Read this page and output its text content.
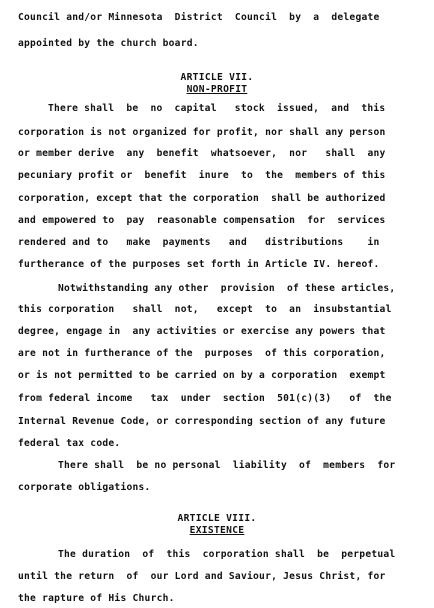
Council and/or Minnesota  District  Council  by  a  delegate
appointed by the church board.
ARTICLE VII.
NON-PROFIT
There shall  be  no  capital   stock  issued,  and  this
corporation is not organized for profit, nor shall any person
or member derive  any  benefit  whatsoever,  nor   shall  any
pecuniary profit or  benefit  inure  to  the  members of this
corporation, except that the corporation  shall be authorized
and empowered to  pay  reasonable compensation  for  services
rendered and to   make  payments   and   distributions    in
furtherance of the purposes set forth in Article IV. hereof.
Notwithstanding any other  provision  of these articles,
this corporation   shall  not,   except  to  an  insubstantial
degree, engage in  any activities or exercise any powers that
are not in furtherance of the  purposes  of this corporation,
or is not permitted to be carried on by a corporation  exempt
from federal income   tax  under  section  501(c)(3)   of  the
Internal Revenue Code, or corresponding section of any future
federal tax code.
There shall  be no personal  liability  of  members  for
corporate obligations.
ARTICLE VIII.
EXISTENCE
The duration  of  this  corporation shall  be  perpetual
until the return  of  our Lord and Saviour, Jesus Christ, for
the rapture of His Church.
